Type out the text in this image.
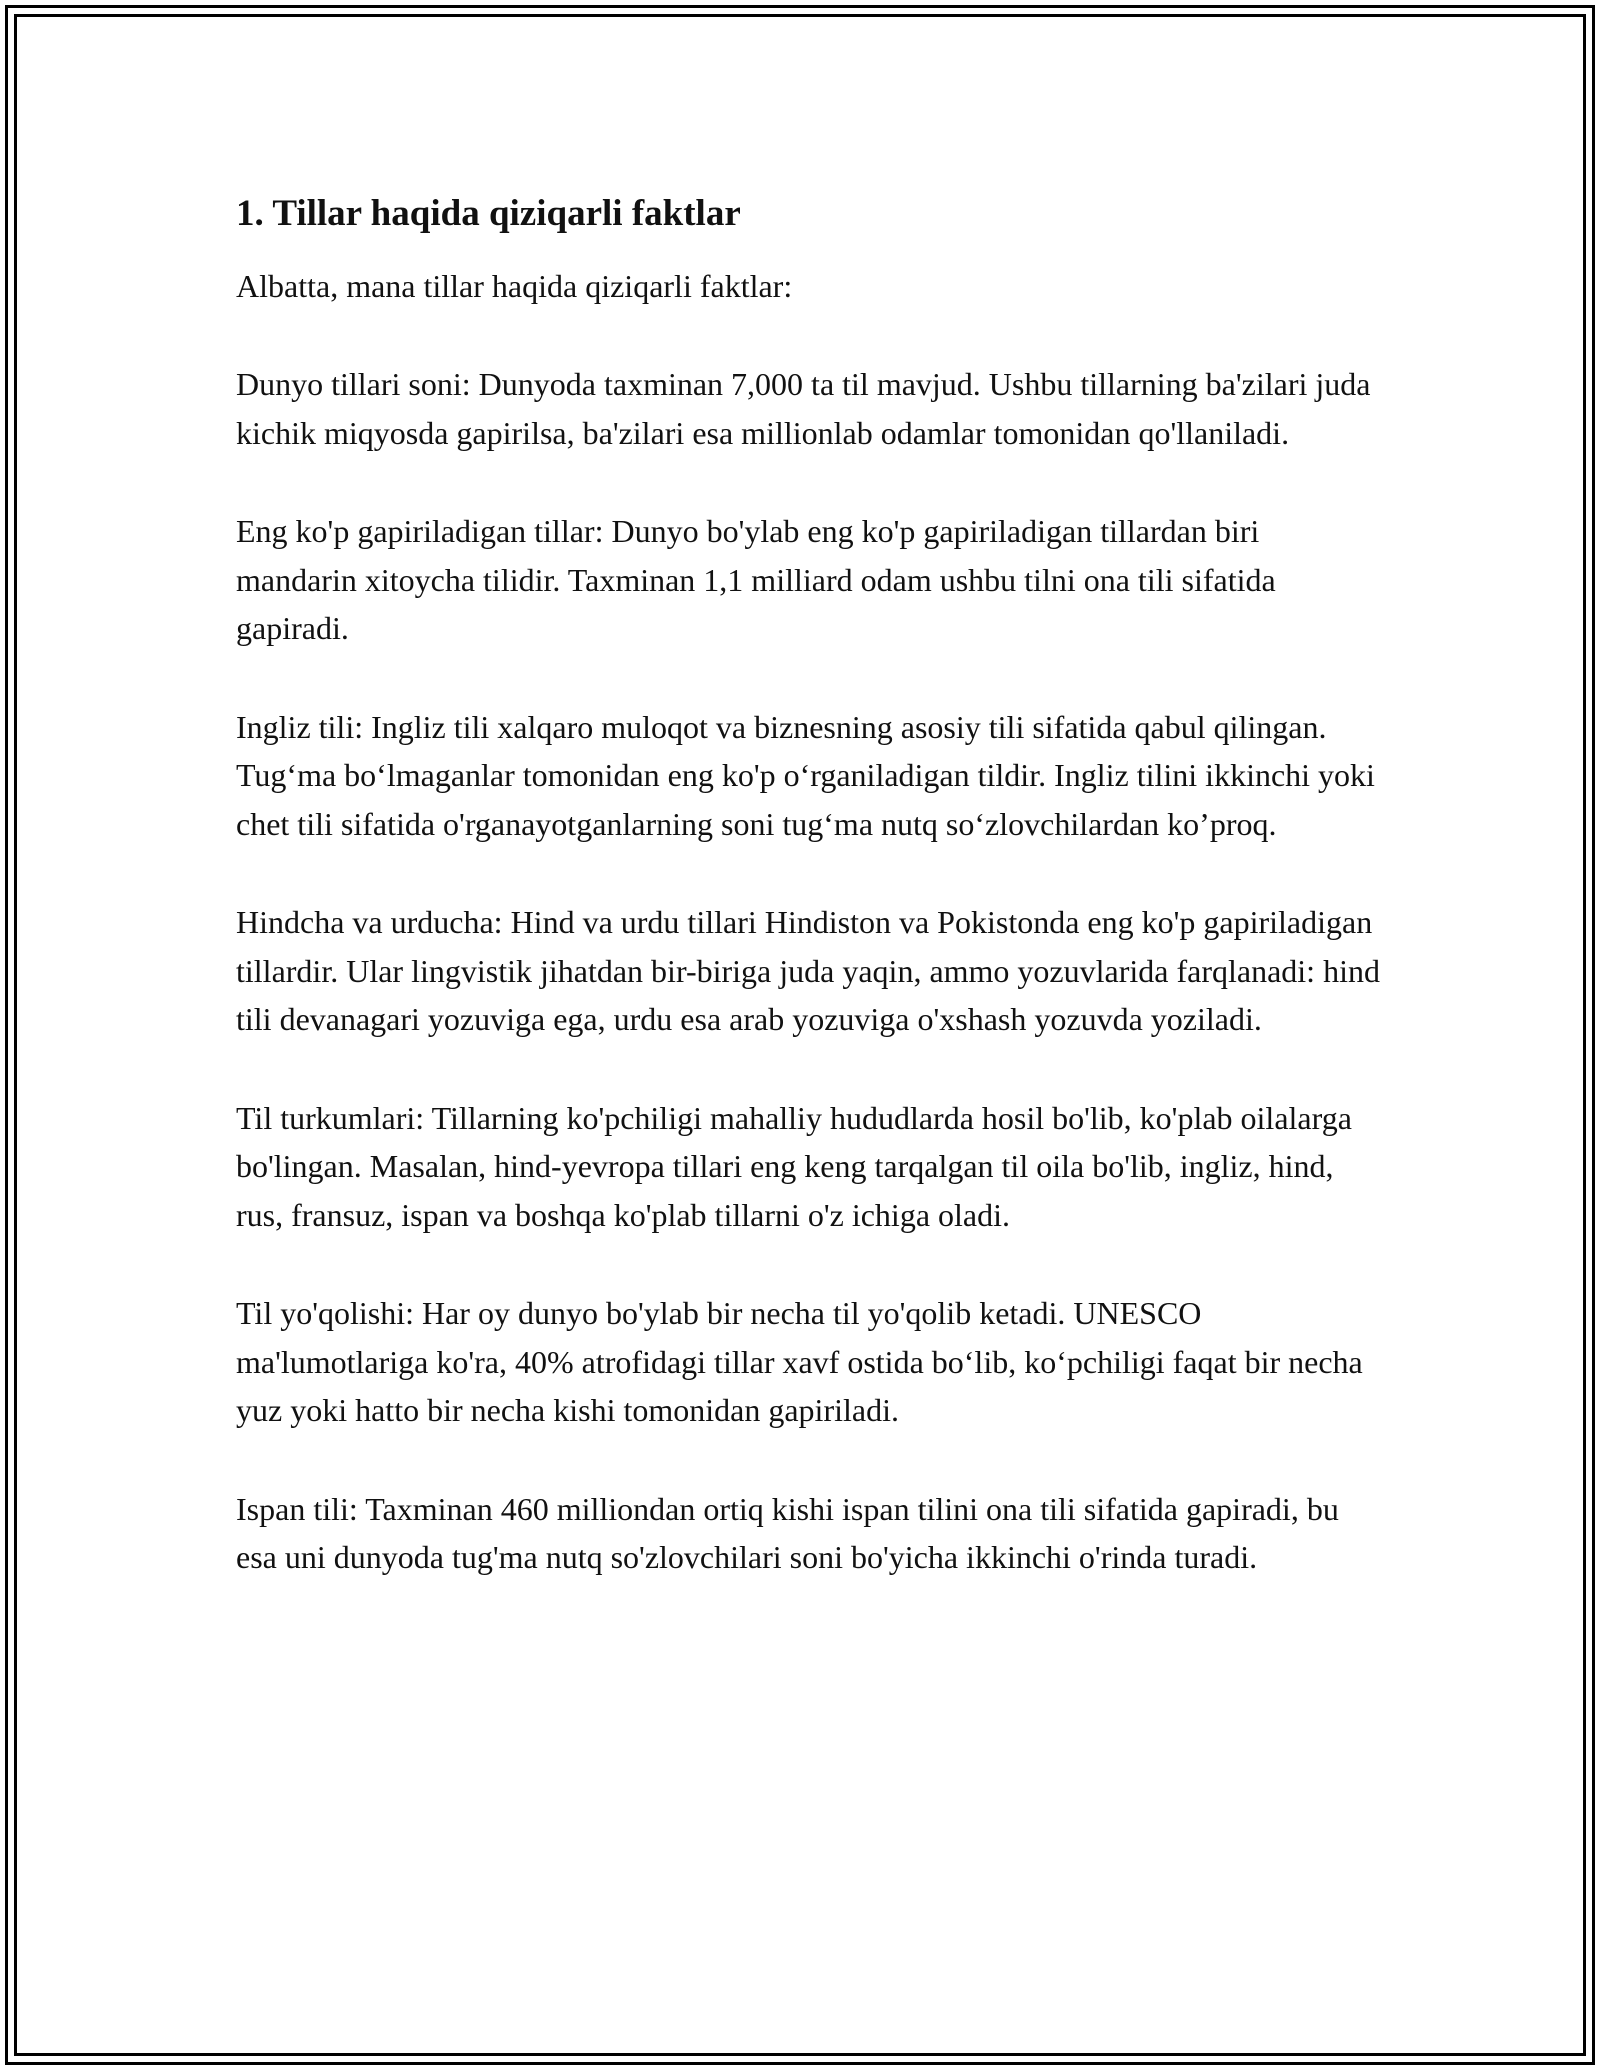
1. Tillar haqida qiziqarli faktlar

Albatta, mana tillar haqida qiziqarli faktlar:

Dunyo tillari soni: Dunyoda taxminan 7,000 ta til mavjud. Ushbu tillarning ba'zilari juda kichik miqyosda gapirilsa, ba'zilari esa millionlab odamlar tomonidan qo'llaniladi.

Eng ko'p gapiriladigan tillar: Dunyo bo'ylab eng ko'p gapiriladigan tillardan biri mandarin xitoycha tilidir. Taxminan 1,1 milliard odam ushbu tilni ona tili sifatida gapiradi.

Ingliz tili: Ingliz tili xalqaro muloqot va biznesning asosiy tili sifatida qabul qilingan. Tug‘ma bo‘lmaganlar tomonidan eng ko'p o‘rganiladigan tildir. Ingliz tilini ikkinchi yoki chet tili sifatida o'rganayotganlarning soni tug‘ma nutq so‘zlovchilardan ko’proq.

Hindcha va urducha: Hind va urdu tillari Hindiston va Pokistonda eng ko'p gapiriladigan tillardir. Ular lingvistik jihatdan bir-biriga juda yaqin, ammo yozuvlarida farqlanadi: hind tili devanagari yozuviga ega, urdu esa arab yozuviga o'xshash yozuvda yoziladi.

Til turkumlari: Tillarning ko'pchiligi mahalliy hududlarda hosil bo'lib, ko'plab oilalarga bo'lingan. Masalan, hind-yevropa tillari eng keng tarqalgan til oila bo'lib, ingliz, hind, rus, fransuz, ispan va boshqa ko'plab tillarni o'z ichiga oladi.

Til yo'qolishi: Har oy dunyo bo'ylab bir necha til yo'qolib ketadi. UNESCO ma'lumotlariga ko'ra, 40% atrofidagi tillar xavf ostida bo‘lib, ko‘pchiligi faqat bir necha yuz yoki hatto bir necha kishi tomonidan gapiriladi.

Ispan tili: Taxminan 460 milliondan ortiq kishi ispan tilini ona tili sifatida gapiradi, bu esa uni dunyoda tug'ma nutq so'zlovchilari soni bo'yicha ikkinchi o'rinda turadi.
